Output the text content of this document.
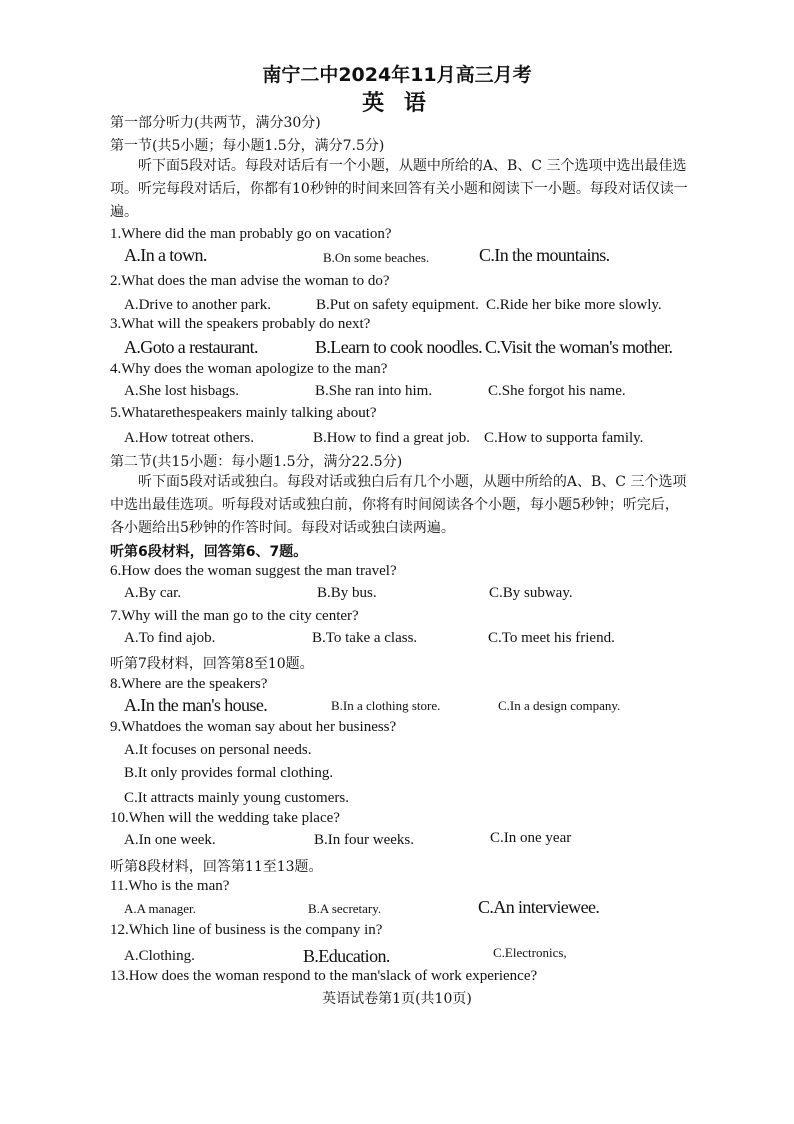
南宁二中2024年11月高三月考
英 语
第一部分听力(共两节，满分30分)
第一节(共5小题；每小题1.5分，满分7.5分)
听下面5段对话。每段对话后有一个小题，从题中所给的A、B、C 三个选项中选出最佳选项。听完每段对话后，你都有10秒钟的时间来回答有关小题和阅读下一小题。每段对话仅读一遍。
1.Where did the man probably go on vacation?
A.In a town.	B.On some beaches.	C.In the mountains.
2.What does the man advise the woman to do?
A.Drive to another park.	B.Put on safety equipment. C.Ride her bike more slowly.
3.What will the speakers probably do next?
A.Goto a restaurant.	B.Learn to cook noodles. C.Visit the woman's mother.
4.Why does the woman apologize to the man?
A.She lost hisbags.	B.She ran into him.	C.She forgot his name.
5.Whatarethespeakers mainly talking about?
A.How totreat others.	B.How to find a great job. C.How to supporta family.
第二节(共15小题：每小题1.5分，满分22.5分)
听下面5段对话或独白。每段对话或独白后有几个小题，从题中所给的A、B、C 三个选项中选出最佳选项。听每段对话或独白前，你将有时间阅读各个小题，每小题5秒钟；听完后，各小题给出5秒钟的作答时间。每段对话或独白读两遍。
听第6段材料，回答第6、7题。
6.How does the woman suggest the man travel?
A.By car.	B.By bus.	C.By subway.
7.Why will the man go to the city center?
A.To find ajob.	B.To take a class.	C.To meet his friend.
听第7段材料，回答第8至10题。
8.Where are the speakers?
A.In the man's house.	B.In a clothing store.	C.In a design company.
9.Whatdoes the woman say about her business?
A.It focuses on personal needs.
B.It only provides formal clothing.
C.It attracts mainly young customers.
10.When will the wedding take place?
A.In one week.	B.In four weeks.	C.In one year
听第8段材料，回答第11至13题。
11.Who is the man?
A.A manager.	B.A secretary.	C.An interviewee.
12.Which line of business is the company in?
A.Clothing.	B.Education.	C.Electronics,
13.How does the woman respond to the man'slack of work experience?
英语试卷第1页(共10页)
